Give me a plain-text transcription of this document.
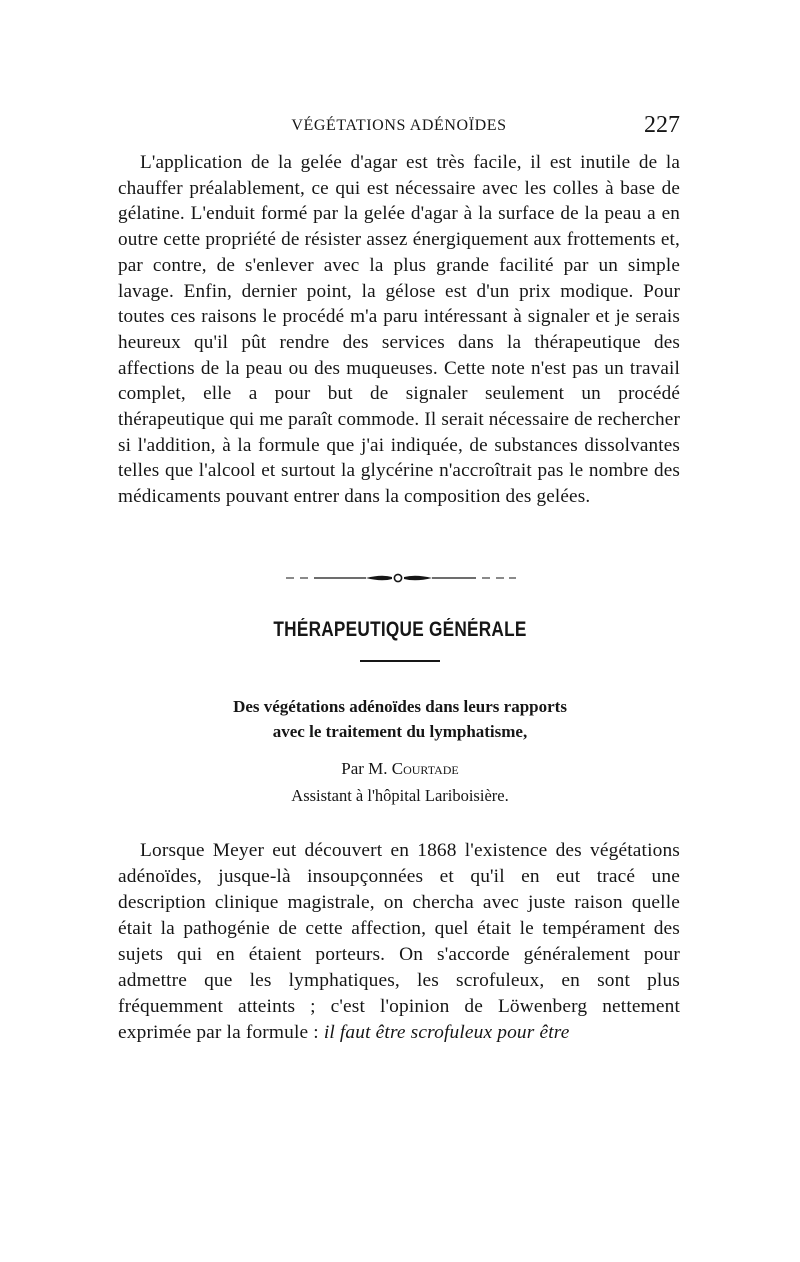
VÉGÉTATIONS ADÉNOÏDES	227

L'application de la gelée d'agar est très facile, il est inutile de la chauffer préalablement, ce qui est nécessaire avec les colles à base de gélatine. L'enduit formé par la gelée d'agar à la surface de la peau a en outre cette propriété de résister assez énergiquement aux frottements et, par contre, de s'enlever avec la plus grande facilité par un simple lavage. Enfin, dernier point, la gélose est d'un prix modique. Pour toutes ces raisons le procédé m'a paru intéressant à signaler et je serais heureux qu'il pût rendre des services dans la thérapeutique des affections de la peau ou des muqueuses. Cette note n'est pas un travail complet, elle a pour but de signaler seulement un procédé thérapeutique qui me paraît commode. Il serait nécessaire de rechercher si l'addition, à la formule que j'ai indiquée, de substances dissolvantes telles que l'alcool et surtout la glycérine n'accroîtrait pas le nombre des médicaments pouvant entrer dans la composition des gelées.

THÉRAPEUTIQUE GÉNÉRALE
Des végétations adénoïdes dans leurs rapports
avec le traitement du lymphatisme,
Par M. Courtade
Assistant à l'hôpital Lariboisière.

Lorsque Meyer eut découvert en 1868 l'existence des végétations adénoïdes, jusque-là insoupçonnées et qu'il en eut tracé une description clinique magistrale, on chercha avec juste raison quelle était la pathogénie de cette affection, quel était le tempérament des sujets qui en étaient porteurs. On s'accorde généralement pour admettre que les lymphatiques, les scrofuleux, en sont plus fréquemment atteints ; c'est l'opinion de Löwenberg nettement exprimée par la formule : il faut être scrofuleux pour être
